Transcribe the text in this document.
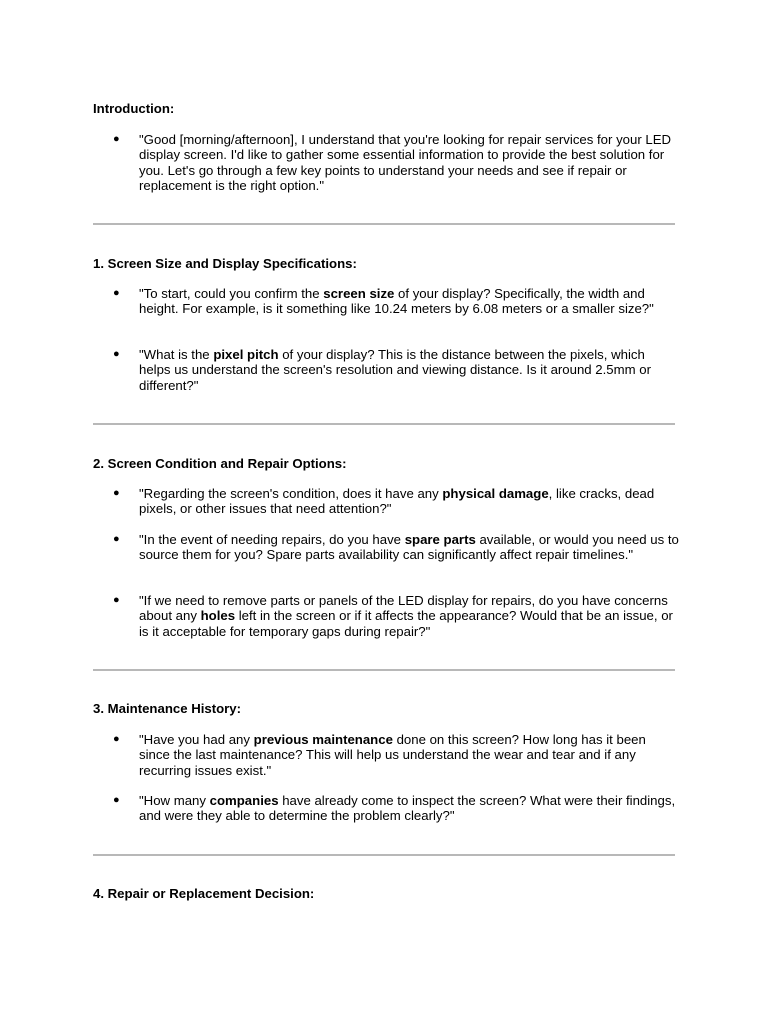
Introduction:
● "Good [morning/afternoon], I understand that you're looking for repair services for your LED display screen. I'd like to gather some essential information to provide the best solution for you. Let's go through a few key points to understand your needs and see if repair or replacement is the right option."
1. Screen Size and Display Specifications:
● "To start, could you confirm the screen size of your display? Specifically, the width and height. For example, is it something like 10.24 meters by 6.08 meters or a smaller size?"
● "What is the pixel pitch of your display? This is the distance between the pixels, which helps us understand the screen's resolution and viewing distance. Is it around 2.5mm or different?"
2. Screen Condition and Repair Options:
● "Regarding the screen's condition, does it have any physical damage, like cracks, dead pixels, or other issues that need attention?"
● "In the event of needing repairs, do you have spare parts available, or would you need us to source them for you? Spare parts availability can significantly affect repair timelines."
● "If we need to remove parts or panels of the LED display for repairs, do you have concerns about any holes left in the screen or if it affects the appearance? Would that be an issue, or is it acceptable for temporary gaps during repair?"
3. Maintenance History:
● "Have you had any previous maintenance done on this screen? How long has it been since the last maintenance? This will help us understand the wear and tear and if any recurring issues exist."
● "How many companies have already come to inspect the screen? What were their findings, and were they able to determine the problem clearly?"
4. Repair or Replacement Decision:
